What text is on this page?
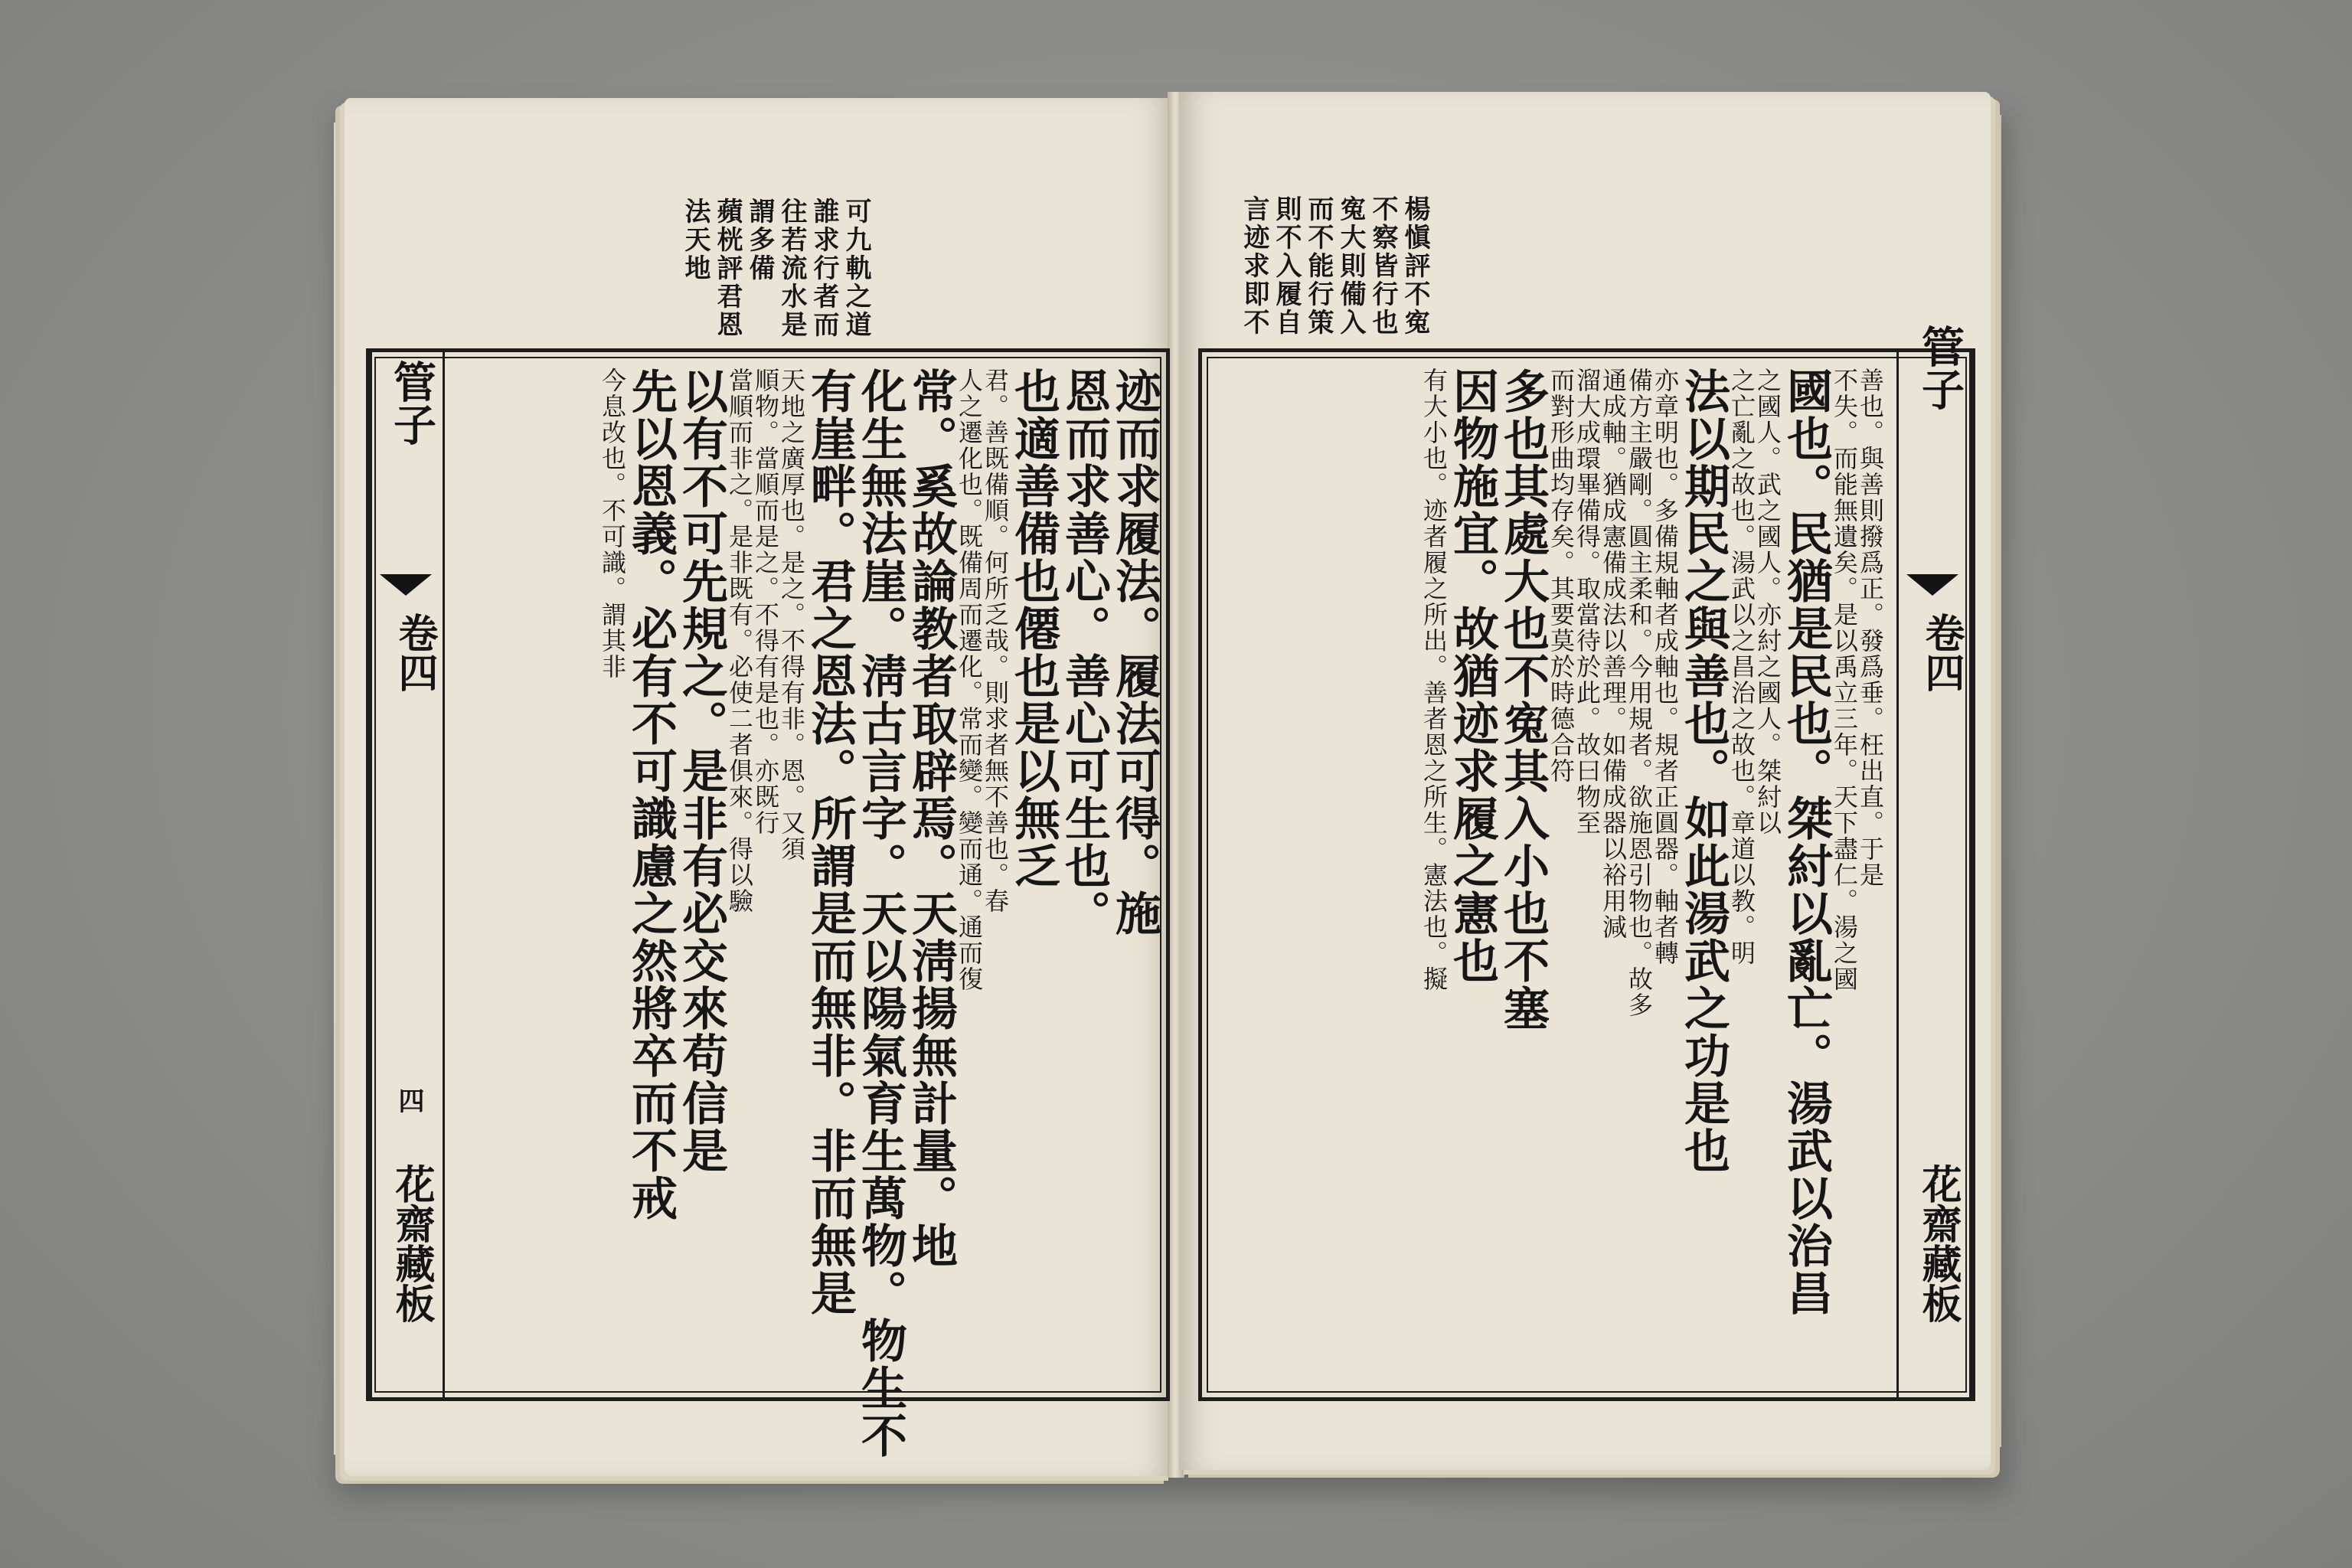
可九軌之道
誰求行者而
往若流水是
謂多備
蘋桄評君恩
法天地	楊愼評不寃
不察皆行也
寃大則僃入
而不能行策
則不入履自
言迹求即不
管子
卷四
四
花齋藏板
迹而求履法。履法可得。施
恩而求善心。善心可生也。
也適善備也僊也是以無乏
君。善既備順。何所乏哉。則求者無不善也。春
人之遷化也。既備周而遷化。常而變。變而通。通而復
常。奚故論教者取辟焉。天淸揚無計量。地
化生無法崖。淸古言字。天以陽氣育生萬物。物生不
有崖畔。君之恩法。所謂是而無非。非而無是
天地之廣厚也。是之。不得有非。恩。又須
順物。當順而是之。不得有是也。亦既行
當順而非之。是非既有。必使二者俱來。得以驗
以有不可先規之。是非有必交來苟信是
先以恩義。必有不可識慮之然將卒而不戒
今息改也。不可識。謂其非	管子
卷四
花齋藏板
善也。與善則撥爲正。發爲垂。枉出直。于是
不失。而能無遺矣。是以禹立三年。天下盡仁。湯之國
國也。民猶是民也。桀紂以亂亡。湯武以治昌
之國人。武之國人。亦紂之國人。桀紂以
之亡亂之故也。湯武以之昌治之故也。章道以教。明
法以期民之與善也。如此湯武之功是也
亦章明也。多備規軸者成軸也。規者正圓器。軸者轉
備方主嚴剛。圓主柔和。今用規者。欲施恩引物也。故多
通成軸。猶成憲備成法以善理。如備成器以裕用減
溜大成環畢備得。取當待於此。故曰物至
而對形曲均存矣。其要莫於時德合符
多也其處大也不寃其入小也不塞
因物施宜。故猶迹求履之憲也
有大小也。迹者履之所出。善者恩之所生。憲法也。擬
